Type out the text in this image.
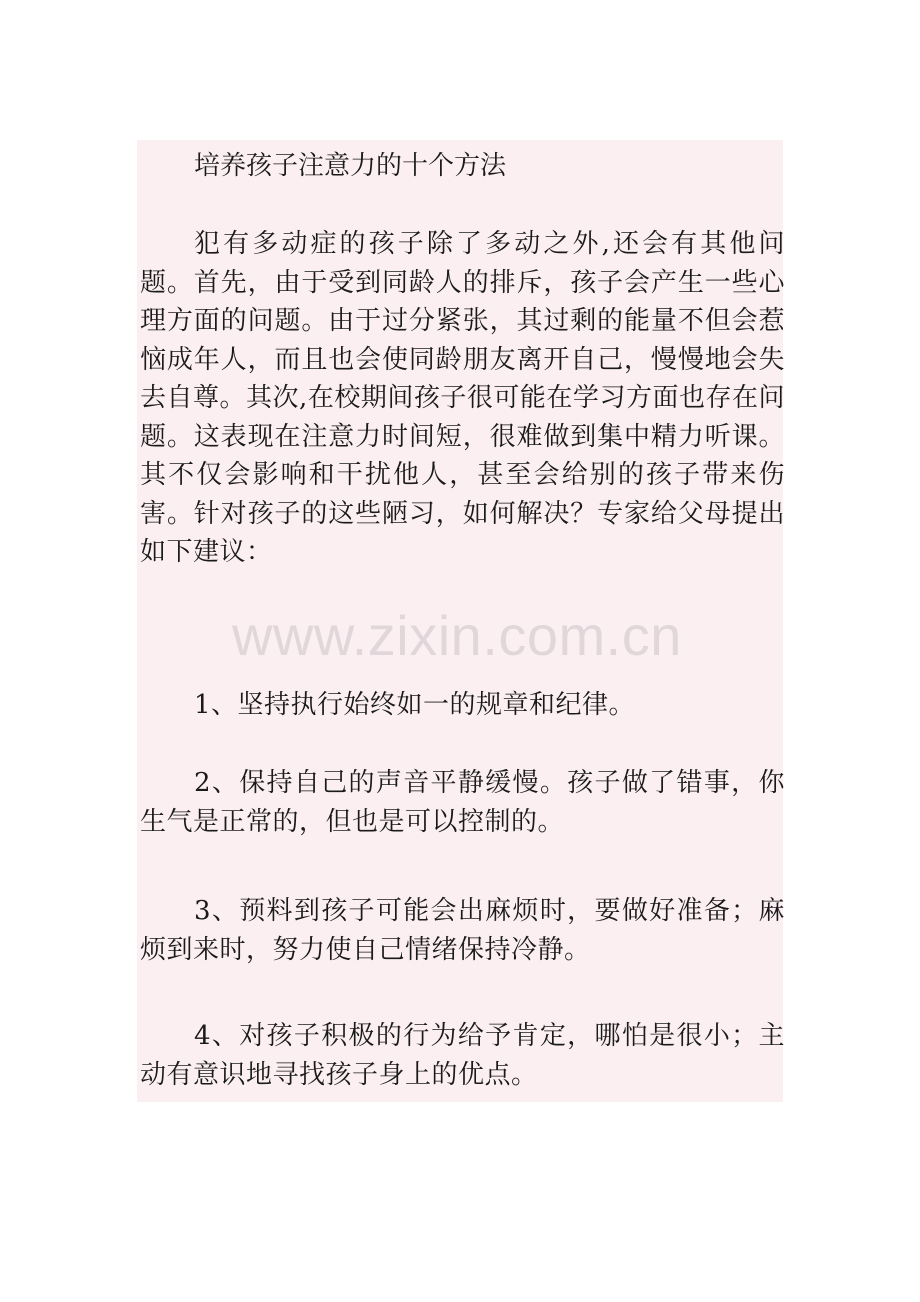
培养孩子注意力的十个方法

犯有多动症的孩子除了多动之外,还会有其他问题。首先，由于受到同龄人的排斥，孩子会产生一些心理方面的问题。由于过分紧张，其过剩的能量不但会惹恼成年人，而且也会使同龄朋友离开自己，慢慢地会失去自尊。其次,在校期间孩子很可能在学习方面也存在问题。这表现在注意力时间短，很难做到集中精力听课。其不仅会影响和干扰他人，甚至会给别的孩子带来伤害。针对孩子的这些陋习，如何解决？专家给父母提出如下建议：

1、坚持执行始终如一的规章和纪律。

2、保持自己的声音平静缓慢。孩子做了错事，你生气是正常的，但也是可以控制的。

3、预料到孩子可能会出麻烦时，要做好准备；麻烦到来时，努力使自己情绪保持冷静。

4、对孩子积极的行为给予肯定，哪怕是很小；主动有意识地寻找孩子身上的优点。

www.zixin.com.cn
